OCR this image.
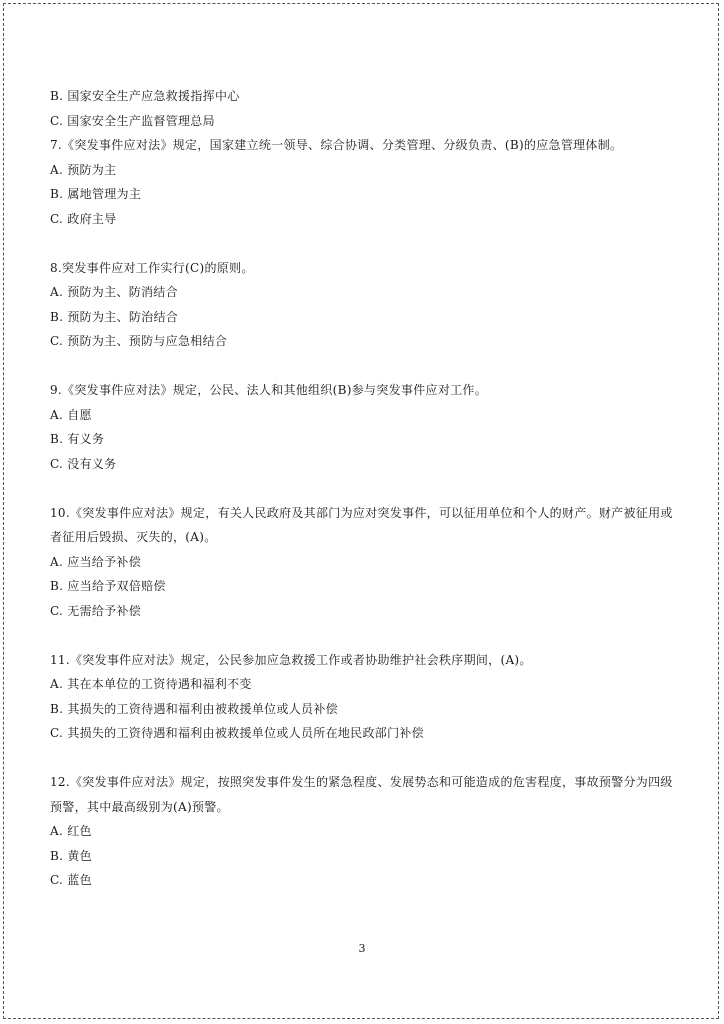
B. 国家安全生产应急救援指挥中心
C. 国家安全生产监督管理总局
7.《突发事件应对法》规定，国家建立统一领导、综合协调、分类管理、分级负责、(B)的应急管理体制。
A. 预防为主
B. 属地管理为主
C. 政府主导
8.突发事件应对工作实行(C)的原则。
A. 预防为主、防消结合
B. 预防为主、防治结合
C. 预防为主、预防与应急相结合
9.《突发事件应对法》规定，公民、法人和其他组织(B)参与突发事件应对工作。
A. 自愿
B. 有义务
C. 没有义务
10.《突发事件应对法》规定，有关人民政府及其部门为应对突发事件，可以征用单位和个人的财产。财产被征用或者征用后毁损、灭失的，(A)。
A. 应当给予补偿
B. 应当给予双倍赔偿
C. 无需给予补偿
11.《突发事件应对法》规定，公民参加应急救援工作或者协助维护社会秩序期间，(A)。
A. 其在本单位的工资待遇和福利不变
B. 其损失的工资待遇和福利由被救援单位或人员补偿
C. 其损失的工资待遇和福利由被救援单位或人员所在地民政部门补偿
12.《突发事件应对法》规定，按照突发事件发生的紧急程度、发展势态和可能造成的危害程度，事故预警分为四级预警，其中最高级别为(A)预警。
A. 红色
B. 黄色
C. 蓝色
3
